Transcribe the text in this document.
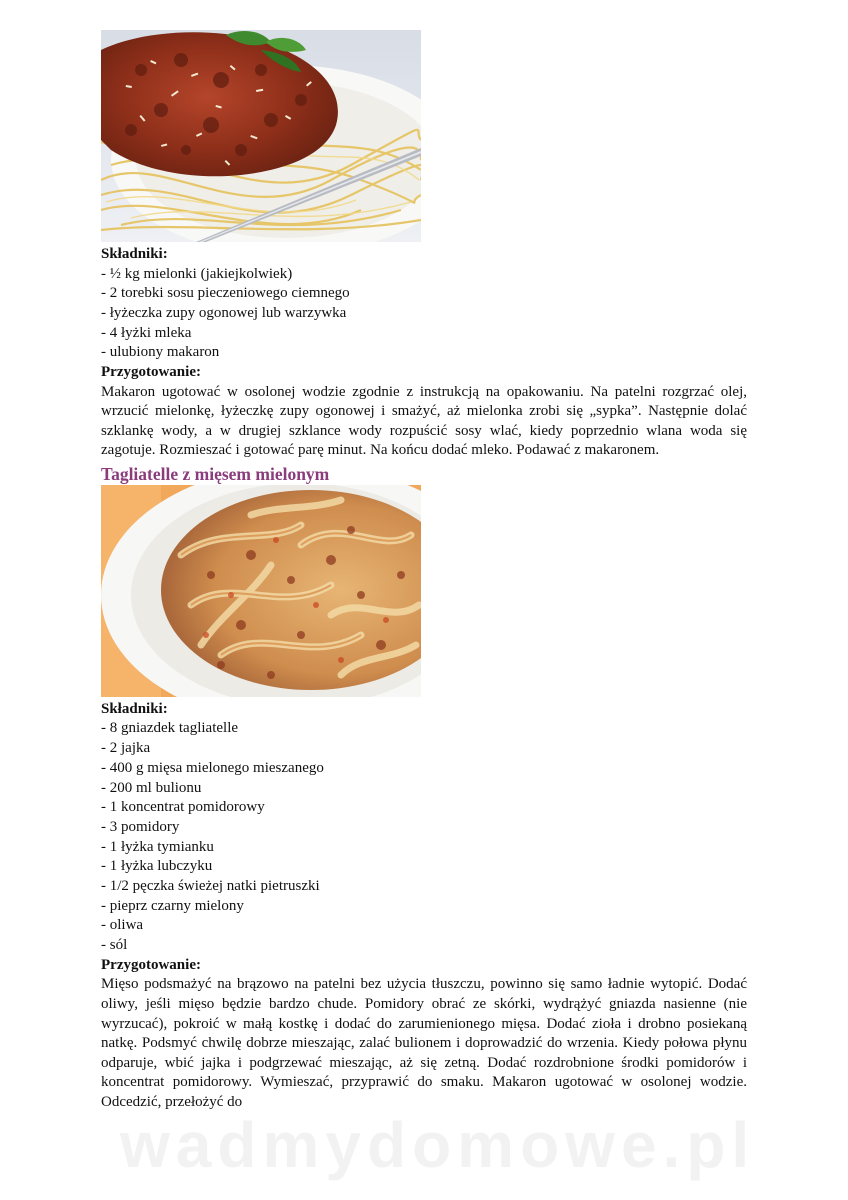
Składniki:
- ½ kg mielonki (jakiejkolwiek)
- 2 torebki sosu pieczeniowego ciemnego
- łyżeczka zupy ogonowej lub warzywka
- 4 łyżki mleka
- ulubiony makaron
Przygotowanie:

Makaron ugotować w osolonej wodzie zgodnie z instrukcją na opakowaniu. Na patelni rozgrzać olej, wrzucić mielonkę, łyżeczkę zupy ogonowej i smażyć, aż mielonka zrobi się „sypka”. Następnie dolać szklankę wody, a w drugiej szklance wody rozpuścić sosy wlać, kiedy poprzednio wlana woda się zagotuje. Rozmieszać i gotować parę minut. Na końcu dodać mleko. Podawać z makaronem.

Tagliatelle z mięsem mielonym
Składniki:
- 8 gniazdek tagliatelle
- 2 jajka
- 400 g mięsa mielonego mieszanego
- 200 ml bulionu
- 1 koncentrat pomidorowy
- 3 pomidory
- 1 łyżka tymianku
- 1 łyżka lubczyku
- 1/2 pęczka świeżej natki pietruszki
- pieprz czarny mielony
- oliwa
- sól
Przygotowanie:

Mięso podsmażyć na brązowo na patelni bez użycia tłuszczu, powinno się samo ładnie wytopić. Dodać oliwy, jeśli mięso będzie bardzo chude. Pomidory obrać ze skórki, wydrążyć gniazda nasienne (nie wyrzucać), pokroić w małą kostkę i dodać do zarumienionego mięsa. Dodać zioła i drobno posiekaną natkę. Podsmyć chwilę dobrze mieszając, zalać bulionem i doprowadzić do wrzenia. Kiedy połowa płynu odparuje, wbić jajka i podgrzewać mieszając, aż się zetną. Dodać rozdrobnione środki pomidorów i koncentrat pomidorowy. Wymieszać, przyprawić do smaku. Makaron ugotować w osolonej wodzie. Odcedzić, przełożyć do

wadmydomowe.pl
